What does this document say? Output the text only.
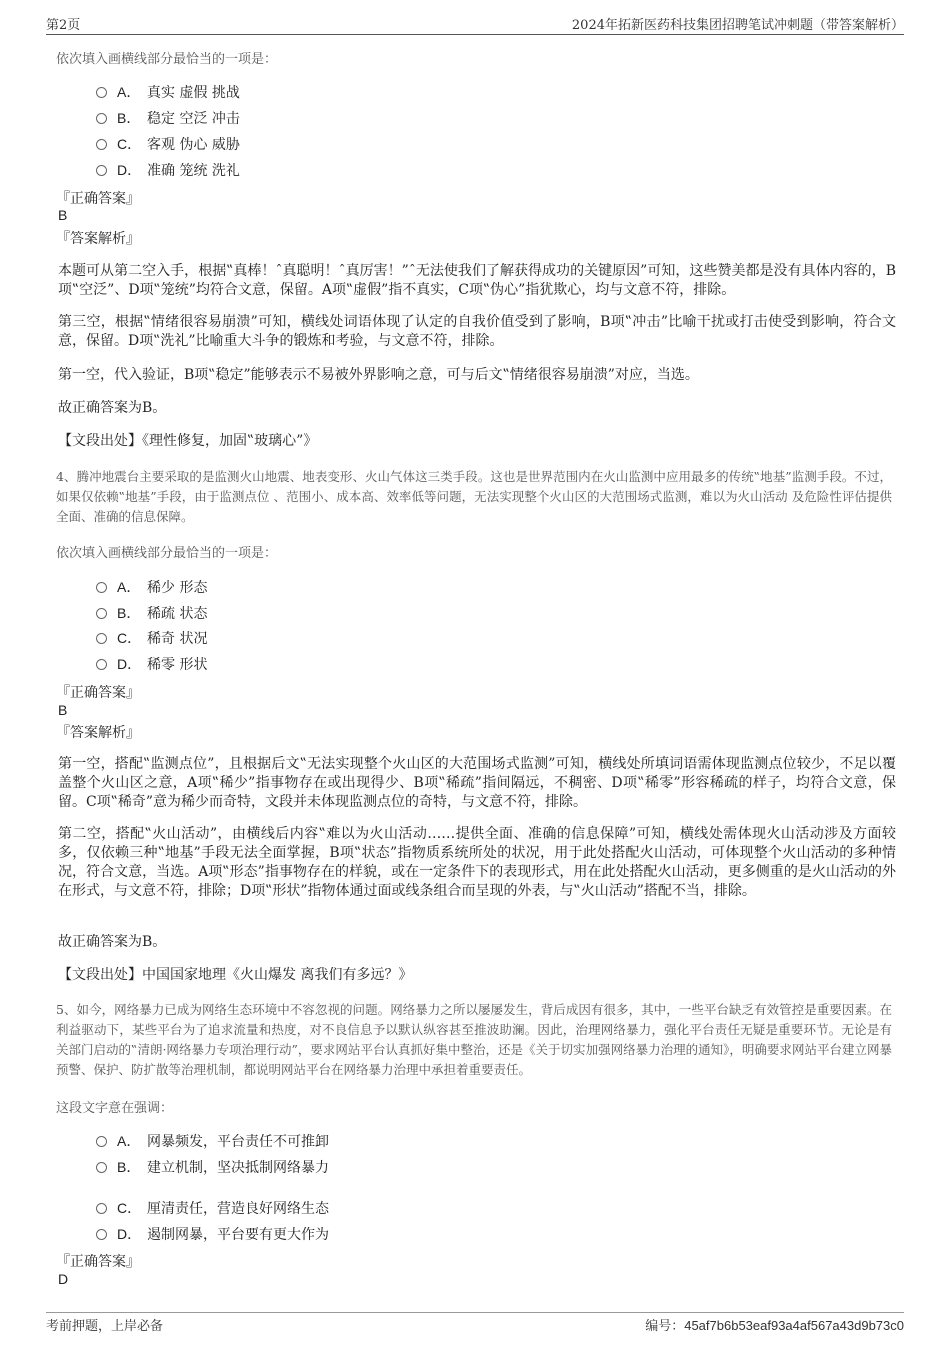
第2页	2024年拓新医药科技集团招聘笔试冲刺题（带答案解析）
依次填入画横线部分最恰当的一项是：
A． 真实 虚假 挑战
B． 稳定 空泛 冲击
C． 客观 伪心 威胁
D． 准确 笼统 洗礼
『正确答案』
B
『答案解析』
本题可从第二空入手，根据‟真棒！ˆ真聪明！ˆ真厉害！”ˆ无法使我们了解获得成功的关键原因”可知，这些赞美都是没有具体内容的，B项‟空泛”、D项‟笼统”均符合文意，保留。A项‟虚假”指不真实，C项‟伪心”指犹欺心，均与文意不符，排除。
第三空，根据‟情绪很容易崩溃”可知，横线处词语体现了认定的自我价值受到了影响，B项‟冲击”比喻干扰或打击使受到影响，符合文意，保留。D项‟洗礼”比喻重大斗争的锻炼和考验，与文意不符，排除。
第一空，代入验证，B项‟稳定”能够表示不易被外界影响之意，可与后文‟情绪很容易崩溃”对应，当选。
故正确答案为B。
【文段出处】《理性修复，加固‟玻璃心”》
4、腾冲地震台主要采取的是监测火山地震、地表变形、火山气体这三类手段。这也是世界范围内在火山监测中应用最多的传统‟地基”监测手段。不过，如果仅依赖‟地基”手段，由于监测点位 、范围小、成本高、效率低等问题，无法实现整个火山区的大范围场式监测，难以为火山活动 及危险性评估提供全面、准确的信息保障。
依次填入画横线部分最恰当的一项是：
A． 稀少 形态
B． 稀疏 状态
C． 稀奇 状况
D． 稀零 形状
『正确答案』
B
『答案解析』
第一空，搭配‟监测点位”，且根据后文‟无法实现整个火山区的大范围场式监测”可知，横线处所填词语需体现监测点位较少，不足以覆盖整个火山区之意，A项‟稀少”指事物存在或出现得少、B项‟稀疏”指间隔远，不稠密、D项‟稀零”形容稀疏的样子，均符合文意，保留。C项‟稀奇”意为稀少而奇特，文段并未体现监测点位的奇特，与文意不符，排除。
第二空，搭配‟火山活动”，由横线后内容‟难以为火山活动……提供全面、准确的信息保障”可知，横线处需体现火山活动涉及方面较多，仅依赖三种‟地基”手段无法全面掌握，B项‟状态”指物质系统所处的状况，用于此处搭配火山活动，可体现整个火山活动的多种情况，符合文意，当选。A项‟形态”指事物存在的样貌，或在一定条件下的表现形式，用在此处搭配火山活动，更多侧重的是火山活动的外在形式，与文意不符，排除；D项‟形状”指物体通过面或线条组合而呈现的外表，与‟火山活动”搭配不当，排除。
故正确答案为B。
【文段出处】中国国家地理《火山爆发 离我们有多远？》
5、如今，网络暴力已成为网络生态环境中不容忽视的问题。网络暴力之所以屡屡发生，背后成因有很多，其中，一些平台缺乏有效管控是重要因素。在利益驱动下，某些平台为了追求流量和热度，对不良信息予以默认纵容甚至推波助澜。因此，治理网络暴力，强化平台责任无疑是重要环节。无论是有关部门启动的‟清朗·网络暴力专项治理行动”，要求网站平台认真抓好集中整治，还是《关于切实加强网络暴力治理的通知》，明确要求网站平台建立网暴预警、保护、防扩散等治理机制，都说明网站平台在网络暴力治理中承担着重要责任。
这段文字意在强调：
A． 网暴频发，平台责任不可推卸
B． 建立机制，坚决抵制网络暴力
C． 厘清责任，营造良好网络生态
D． 遏制网暴，平台要有更大作为
『正确答案』
D
考前押题，上岸必备	编号：45af7b6b53eaf93a4af567a43d9b73c0
